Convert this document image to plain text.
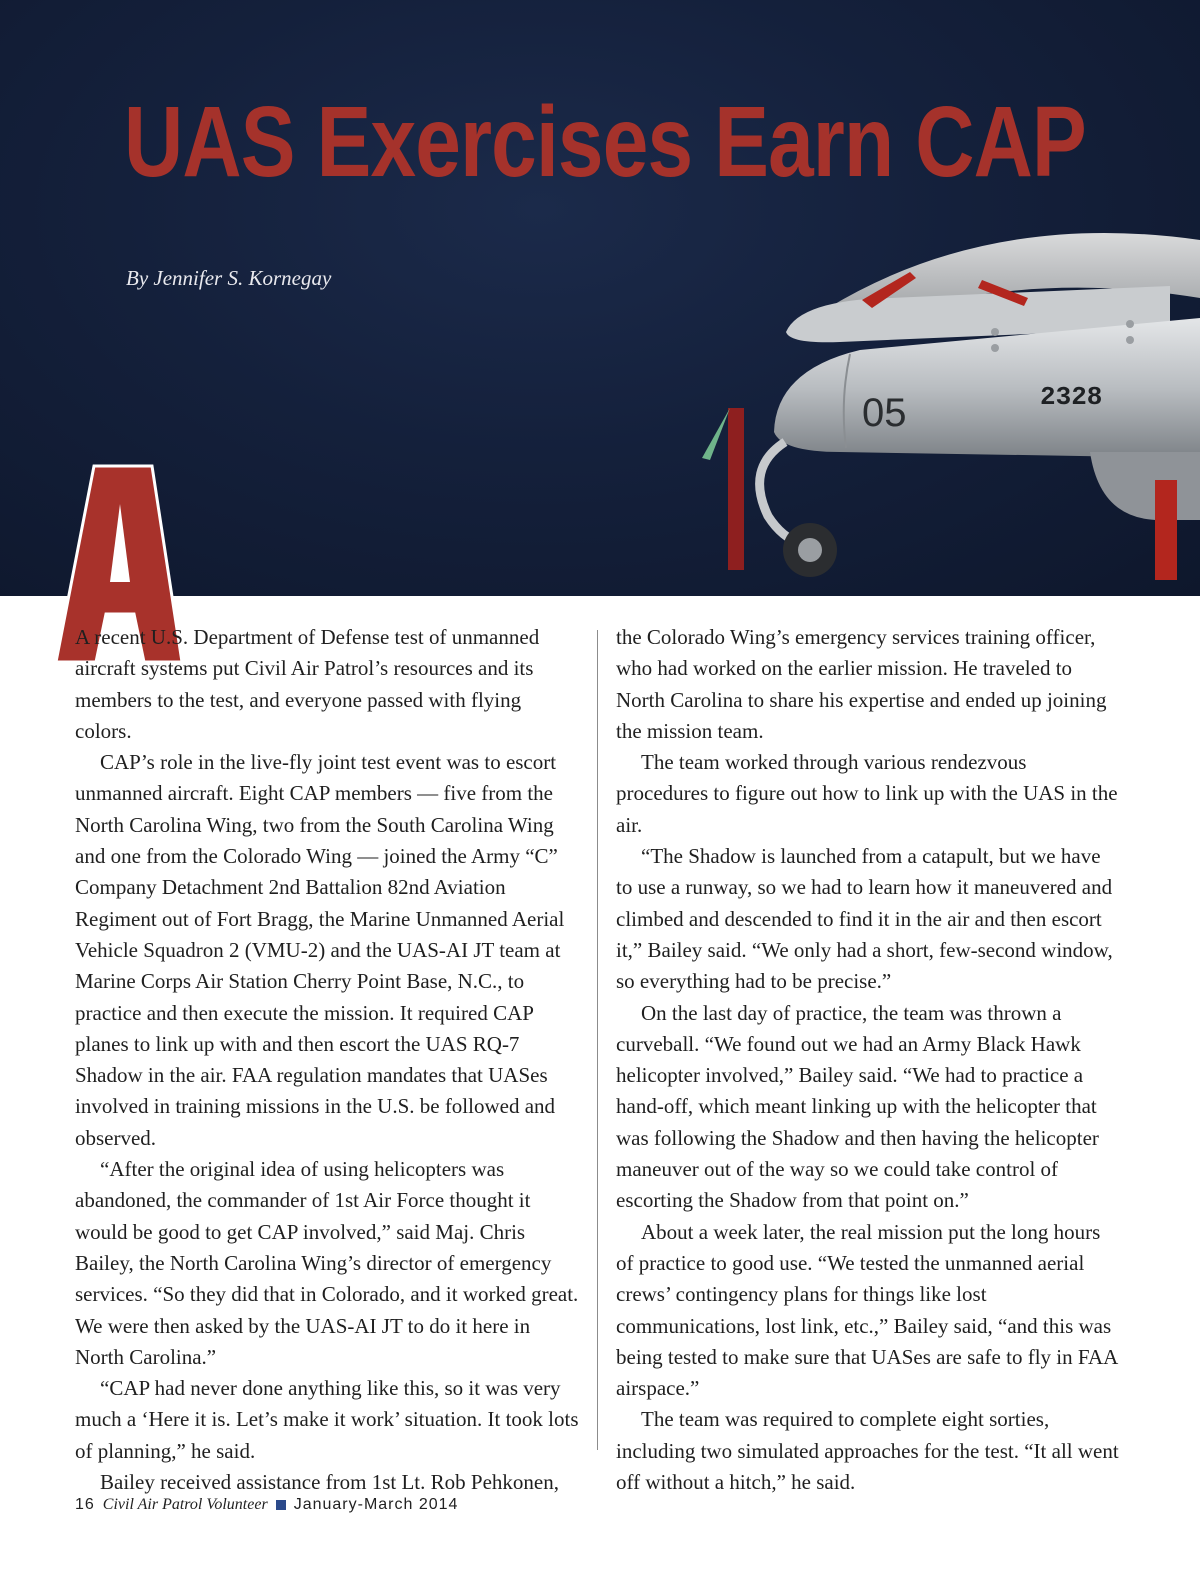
UAS Exercises Earn CAP
By Jennifer S. Kornegay
05	2328

A recent U.S. Department of Defense test of unmanned aircraft systems put Civil Air Patrol’s resources and its members to the test, and everyone passed with flying colors.

CAP’s role in the live-fly joint test event was to escort unmanned aircraft. Eight CAP members — five from the North Carolina Wing, two from the South Carolina Wing and one from the Colorado Wing — joined the Army “C” Company Detachment 2nd Battalion 82nd Aviation Regiment out of Fort Bragg, the Marine Unmanned Aerial Vehicle Squadron 2 (VMU-2) and the UAS-AI JT team at Marine Corps Air Station Cherry Point Base, N.C., to practice and then execute the mission. It required CAP planes to link up with and then escort the UAS RQ-7 Shadow in the air. FAA regulation mandates that UASes involved in training missions in the U.S. be followed and observed.

“After the original idea of using helicopters was abandoned, the commander of 1st Air Force thought it would be good to get CAP involved,” said Maj. Chris Bailey, the North Carolina Wing’s director of emergency services. “So they did that in Colorado, and it worked great. We were then asked by the UAS-AI JT to do it here in North Carolina.”

“CAP had never done anything like this, so it was very much a ‘Here it is. Let’s make it work’ situation. It took lots of planning,” he said.

Bailey received assistance from 1st Lt. Rob Pehkonen,

the Colorado Wing’s emergency services training officer, who had worked on the earlier mission. He traveled to North Carolina to share his expertise and ended up joining the mission team.

The team worked through various rendezvous procedures to figure out how to link up with the UAS in the air.

“The Shadow is launched from a catapult, but we have to use a runway, so we had to learn how it maneuvered and climbed and descended to find it in the air and then escort it,” Bailey said. “We only had a short, few-second window, so everything had to be precise.”

On the last day of practice, the team was thrown a curveball. “We found out we had an Army Black Hawk helicopter involved,” Bailey said. “We had to practice a hand-off, which meant linking up with the helicopter that was following the Shadow and then having the helicopter maneuver out of the way so we could take control of escorting the Shadow from that point on.”

About a week later, the real mission put the long hours of practice to good use. “We tested the unmanned aerial crews’ contingency plans for things like lost communications, lost link, etc.,” Bailey said, “and this was being tested to make sure that UASes are safe to fly in FAA airspace.”

The team was required to complete eight sorties, including two simulated approaches for the test. “It all went off without a hitch,” he said.

16 Civil Air Patrol Volunteer January-March 2014
